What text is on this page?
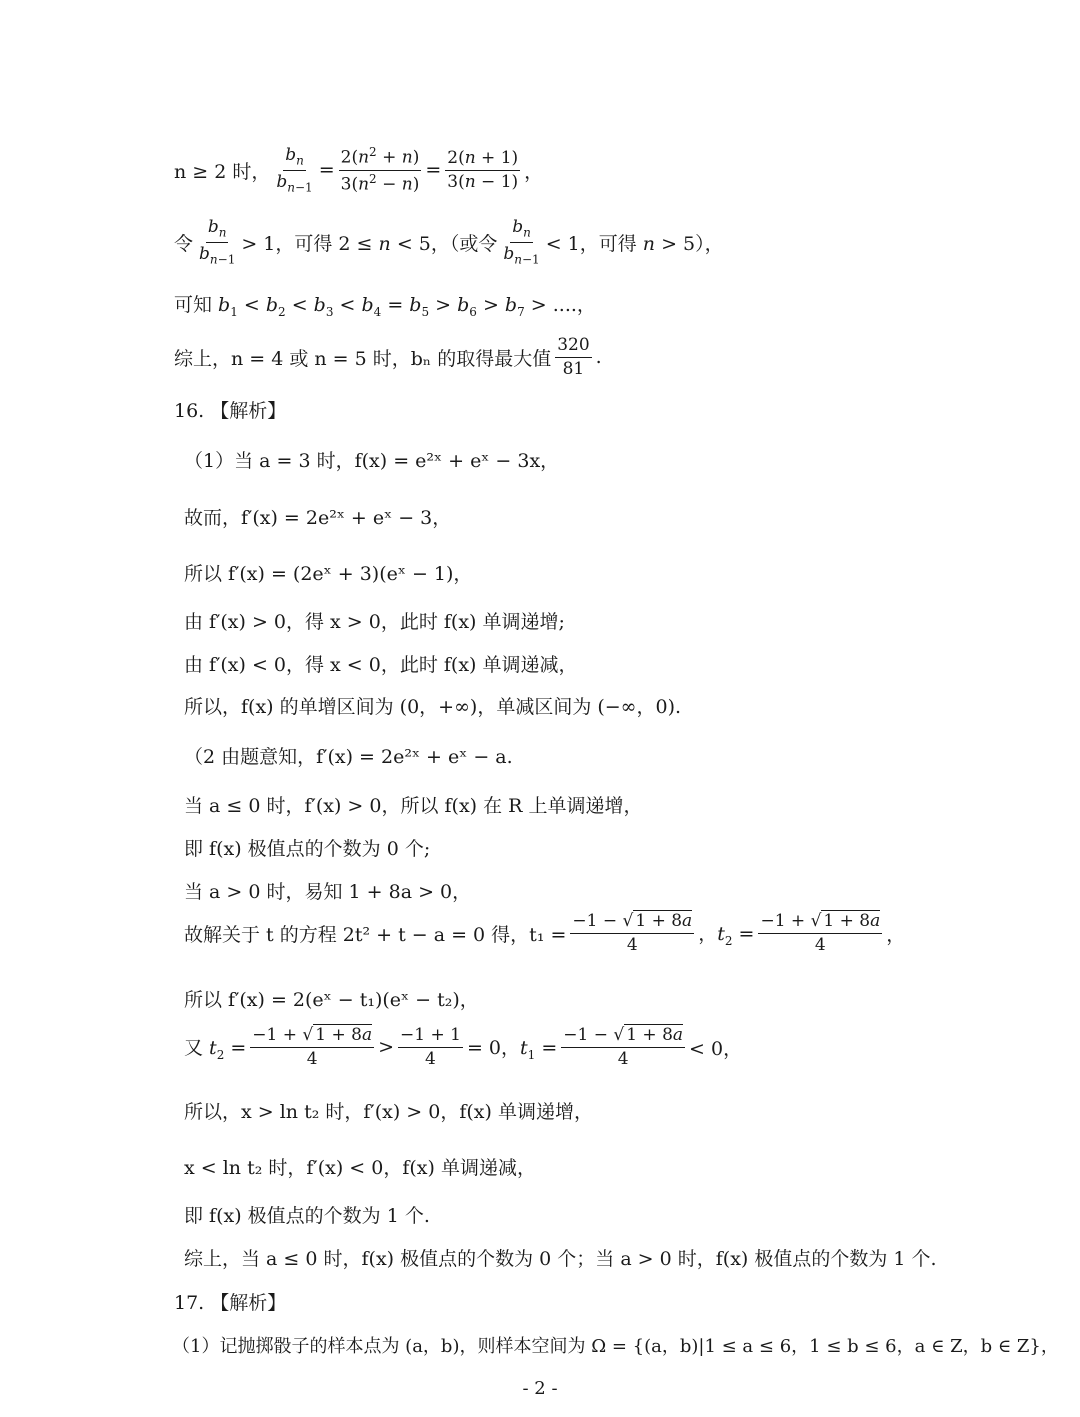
n ≥ 2 时， $\frac{b_n}{b_{n-1}} = \frac{2(n^2 + n)}{3(n^2 - n)} = \frac{2(n + 1)}{3(n - 1)}$ ，
令 $\frac{b_n}{b_{n-1}} > 1$，可得 2 ≤ n < 5，（或令 $\frac{b_n}{b_{n-1}} < 1$，可得 n > 5），
可知 $b_1 < b_2 < b_3 < b_4 = b_5 > b_6 > b_7$ > ....，
综上，n = 4 或 n = 5 时，bₙ 的取得最大值 $\frac{320}{81}$ .
16. 【解析】
（1）当 a = 3 时，f(x) = e²ˣ + eˣ − 3x，
故而，f′(x) = 2e²ˣ + eˣ − 3，
所以 f′(x) = (2eˣ + 3)(eˣ − 1)，
由 f′(x) > 0，得 x > 0，此时 f(x) 单调递增;
由 f′(x) < 0，得 x < 0，此时 f(x) 单调递减，
所以，f(x) 的单增区间为 (0，+∞)，单减区间为 (−∞，0).
（2 由题意知，f′(x) = 2e²ˣ + eˣ − a.
当 a ≤ 0 时，f′(x) > 0，所以 f(x) 在 R 上单调递增，
即 f(x) 极值点的个数为 0 个;
当 a > 0 时，易知 1 + 8a > 0，
故解关于 t 的方程 2t² + t − a = 0 得，$t_1 = \frac{-1 - √ 1 + 8a}{4}$ ，$t_2 = \frac{-1 + √ 1 + 8a}{4}$ ，
所以 f′(x) = 2(eˣ − t₁)(eˣ − t₂)，
又 $t_2 = \frac{-1 + √ 1 + 8a}{4} > \frac{-1 + 1}{4} = 0$，$t_1 = \frac{-1 - √ 1 + 8a}{4} < 0$，
所以，x > ln t₂ 时，f′(x) > 0，f(x) 单调递增，
x < ln t₂ 时，f′(x) < 0，f(x) 单调递减，
即 f(x) 极值点的个数为 1 个.
综上，当 a ≤ 0 时，f(x) 极值点的个数为 0 个；当 a > 0 时，f(x) 极值点的个数为 1 个.
17. 【解析】
（1）记抛掷骰子的样本点为 (a，b)，则样本空间为 Ω = {(a，b)|1 ≤ a ≤ 6，1 ≤ b ≤ 6，a ∈ Z，b ∈ Z}，
- 2 -
